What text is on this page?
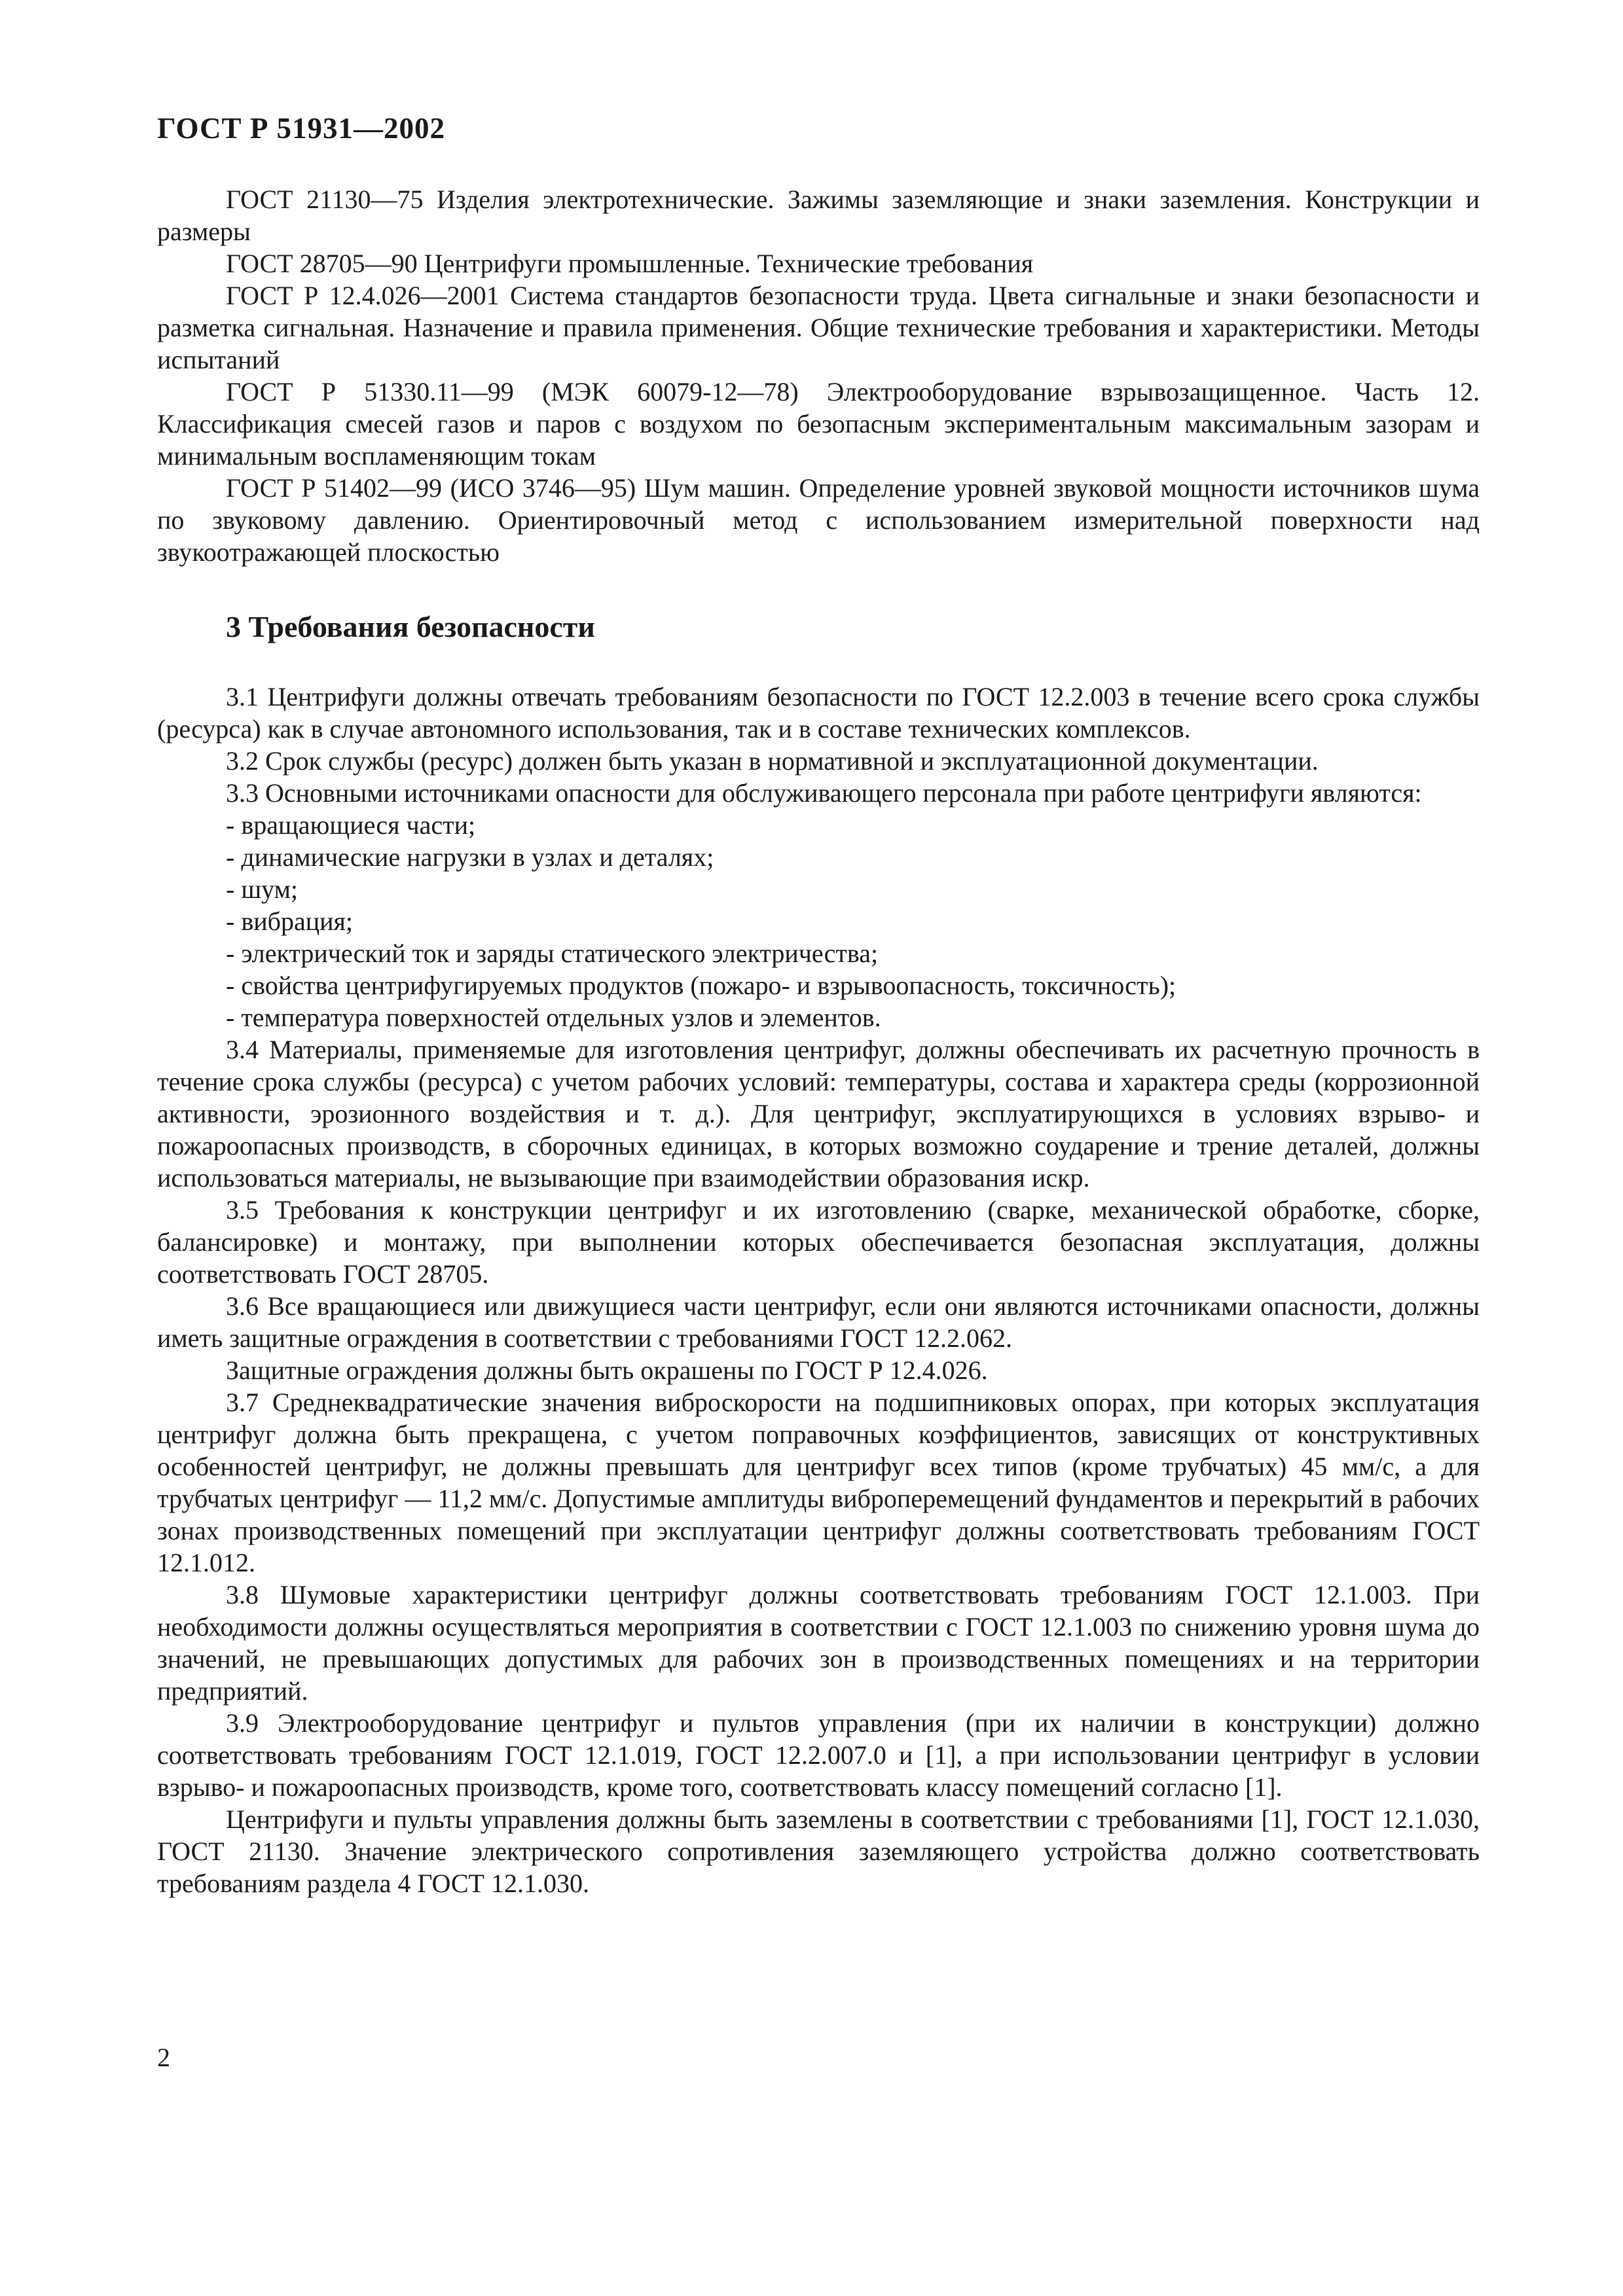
ГОСТ Р 51931—2002

ГОСТ 21130—75 Изделия электротехнические. Зажимы заземляющие и знаки заземления. Конструкции и размеры

ГОСТ 28705—90 Центрифуги промышленные. Технические требования

ГОСТ Р 12.4.026—2001 Система стандартов безопасности труда. Цвета сигнальные и знаки безопасности и разметка сигнальная. Назначение и правила применения. Общие технические требования и характеристики. Методы испытаний

ГОСТ Р 51330.11—99 (МЭК 60079-12—78) Электрооборудование взрывозащищенное. Часть 12. Классификация смесей газов и паров с воздухом по безопасным экспериментальным максимальным зазорам и минимальным воспламеняющим токам

ГОСТ Р 51402—99 (ИСО 3746—95) Шум машин. Определение уровней звуковой мощности источников шума по звуковому давлению. Ориентировочный метод с использованием измерительной поверхности над звукоотражающей плоскостью

3 Требования безопасности

3.1 Центрифуги должны отвечать требованиям безопасности по ГОСТ 12.2.003 в течение всего срока службы (ресурса) как в случае автономного использования, так и в составе технических комплексов.

3.2 Срок службы (ресурс) должен быть указан в нормативной и эксплуатационной документации.

3.3 Основными источниками опасности для обслуживающего персонала при работе центрифуги являются:

- вращающиеся части;

- динамические нагрузки в узлах и деталях;

- шум;

- вибрация;

- электрический ток и заряды статического электричества;

- свойства центрифугируемых продуктов (пожаро- и взрывоопасность, токсичность);

- температура поверхностей отдельных узлов и элементов.

3.4 Материалы, применяемые для изготовления центрифуг, должны обеспечивать их расчетную прочность в течение срока службы (ресурса) с учетом рабочих условий: температуры, состава и характера среды (коррозионной активности, эрозионного воздействия и т. д.). Для центрифуг, эксплуатирующихся в условиях взрыво- и пожароопасных производств, в сборочных единицах, в которых возможно соударение и трение деталей, должны использоваться материалы, не вызывающие при взаимодействии образования искр.

3.5 Требования к конструкции центрифуг и их изготовлению (сварке, механической обработке, сборке, балансировке) и монтажу, при выполнении которых обеспечивается безопасная эксплуатация, должны соответствовать ГОСТ 28705.

3.6 Все вращающиеся или движущиеся части центрифуг, если они являются источниками опасности, должны иметь защитные ограждения в соответствии с требованиями ГОСТ 12.2.062.

Защитные ограждения должны быть окрашены по ГОСТ Р 12.4.026.

3.7 Среднеквадратические значения виброскорости на подшипниковых опорах, при которых эксплуатация центрифуг должна быть прекращена, с учетом поправочных коэффициентов, зависящих от конструктивных особенностей центрифуг, не должны превышать для центрифуг всех типов (кроме трубчатых) 45 мм/с, а для трубчатых центрифуг — 11,2 мм/с. Допустимые амплитуды виброперемещений фундаментов и перекрытий в рабочих зонах производственных помещений при эксплуатации центрифуг должны соответствовать требованиям ГОСТ 12.1.012.

3.8 Шумовые характеристики центрифуг должны соответствовать требованиям ГОСТ 12.1.003. При необходимости должны осуществляться мероприятия в соответствии с ГОСТ 12.1.003 по снижению уровня шума до значений, не превышающих допустимых для рабочих зон в производственных помещениях и на территории предприятий.

3.9 Электрооборудование центрифуг и пультов управления (при их наличии в конструкции) должно соответствовать требованиям ГОСТ 12.1.019, ГОСТ 12.2.007.0 и [1], а при использовании центрифуг в условии взрыво- и пожароопасных производств, кроме того, соответствовать классу помещений согласно [1].

Центрифуги и пульты управления должны быть заземлены в соответствии с требованиями [1], ГОСТ 12.1.030, ГОСТ 21130. Значение электрического сопротивления заземляющего устройства должно соответствовать требованиям раздела 4 ГОСТ 12.1.030.

2
